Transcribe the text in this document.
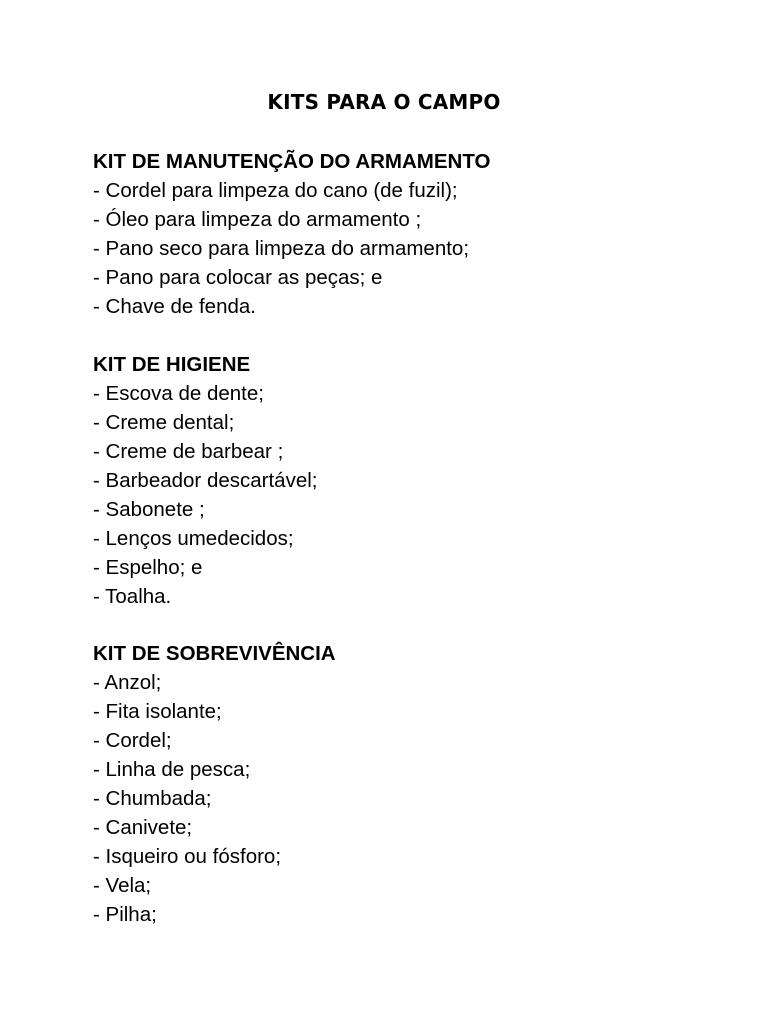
KITS PARA O CAMPO
KIT DE MANUTENÇÃO DO ARMAMENTO
- Cordel para limpeza do cano (de fuzil);
- Óleo para limpeza do armamento ;
- Pano seco para limpeza do armamento;
- Pano para colocar as peças; e
- Chave de fenda.
KIT DE HIGIENE
- Escova de dente;
- Creme dental;
- Creme de barbear ;
- Barbeador descartável;
- Sabonete ;
- Lenços umedecidos;
- Espelho; e
- Toalha.
KIT DE SOBREVIVÊNCIA
- Anzol;
- Fita isolante;
- Cordel;
- Linha de pesca;
- Chumbada;
- Canivete;
- Isqueiro ou fósforo;
- Vela;
- Pilha;
